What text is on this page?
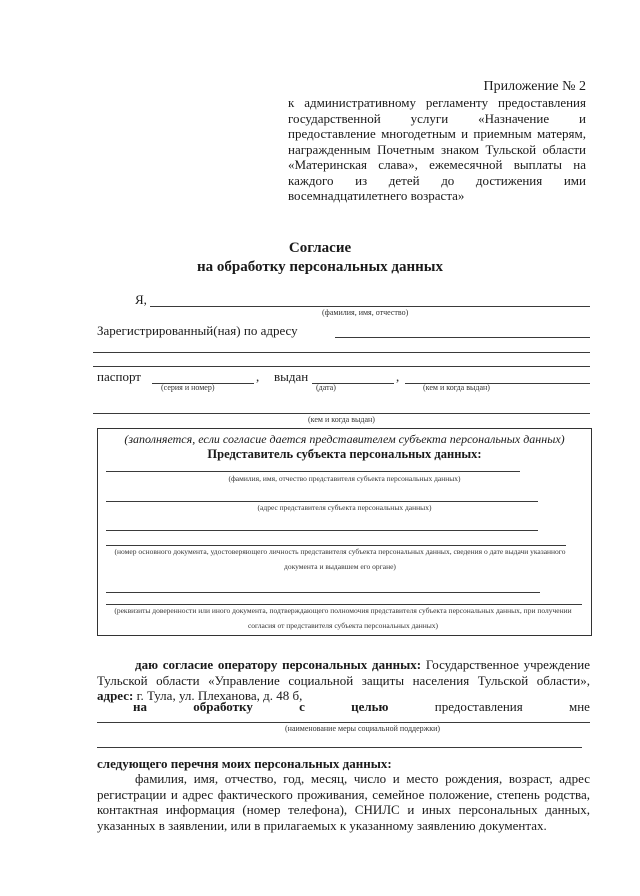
Приложение № 2
к административному регламенту предоставления государственной услуги «Назначение и предоставление многодетным и приемным матерям, награжденным Почетным знаком Тульской области «Материнская слава», ежемесячной выплаты на каждого из детей до достижения ими восемнадцатилетнего возраста»
Согласие
на обработку персональных данных
Я,
(фамилия, имя, отчество)
Зарегистрированный(ная) по адресу
паспорт	, выдан	,
(серия и номер)	(дата)	(кем и когда выдан)
(кем и когда выдан)
(заполняется, если согласие дается представителем субъекта персональных данных)
Представитель субъекта персональных данных:
(фамилия, имя, отчество представителя субъекта персональных данных)
(адрес представителя субъекта персональных данных)
(номер основного документа, удостоверяющего личность представителя субъекта персональных данных, сведения о дате выдачи указанного документа и выдавшем его органе)
(реквизиты доверенности или иного документа, подтверждающего полномочия представителя субъекта персональных данных, при получении согласия от представителя субъекта персональных данных)
даю согласие оператору персональных данных: Государственное учреждение Тульской области «Управление социальной защиты населения Тульской области», адрес: г. Тула, ул. Плеханова, д. 48 б,
на	обработку	с	целью	предоставления	мне
(наименование меры социальной поддержки)
следующего перечня моих персональных данных:
фамилия, имя, отчество, год, месяц, число и место рождения, возраст, адрес регистрации и адрес фактического проживания, семейное положение, степень родства, контактная информация (номер телефона), СНИЛС и иных персональных данных, указанных в заявлении, или в прилагаемых к указанному заявлению документах.
